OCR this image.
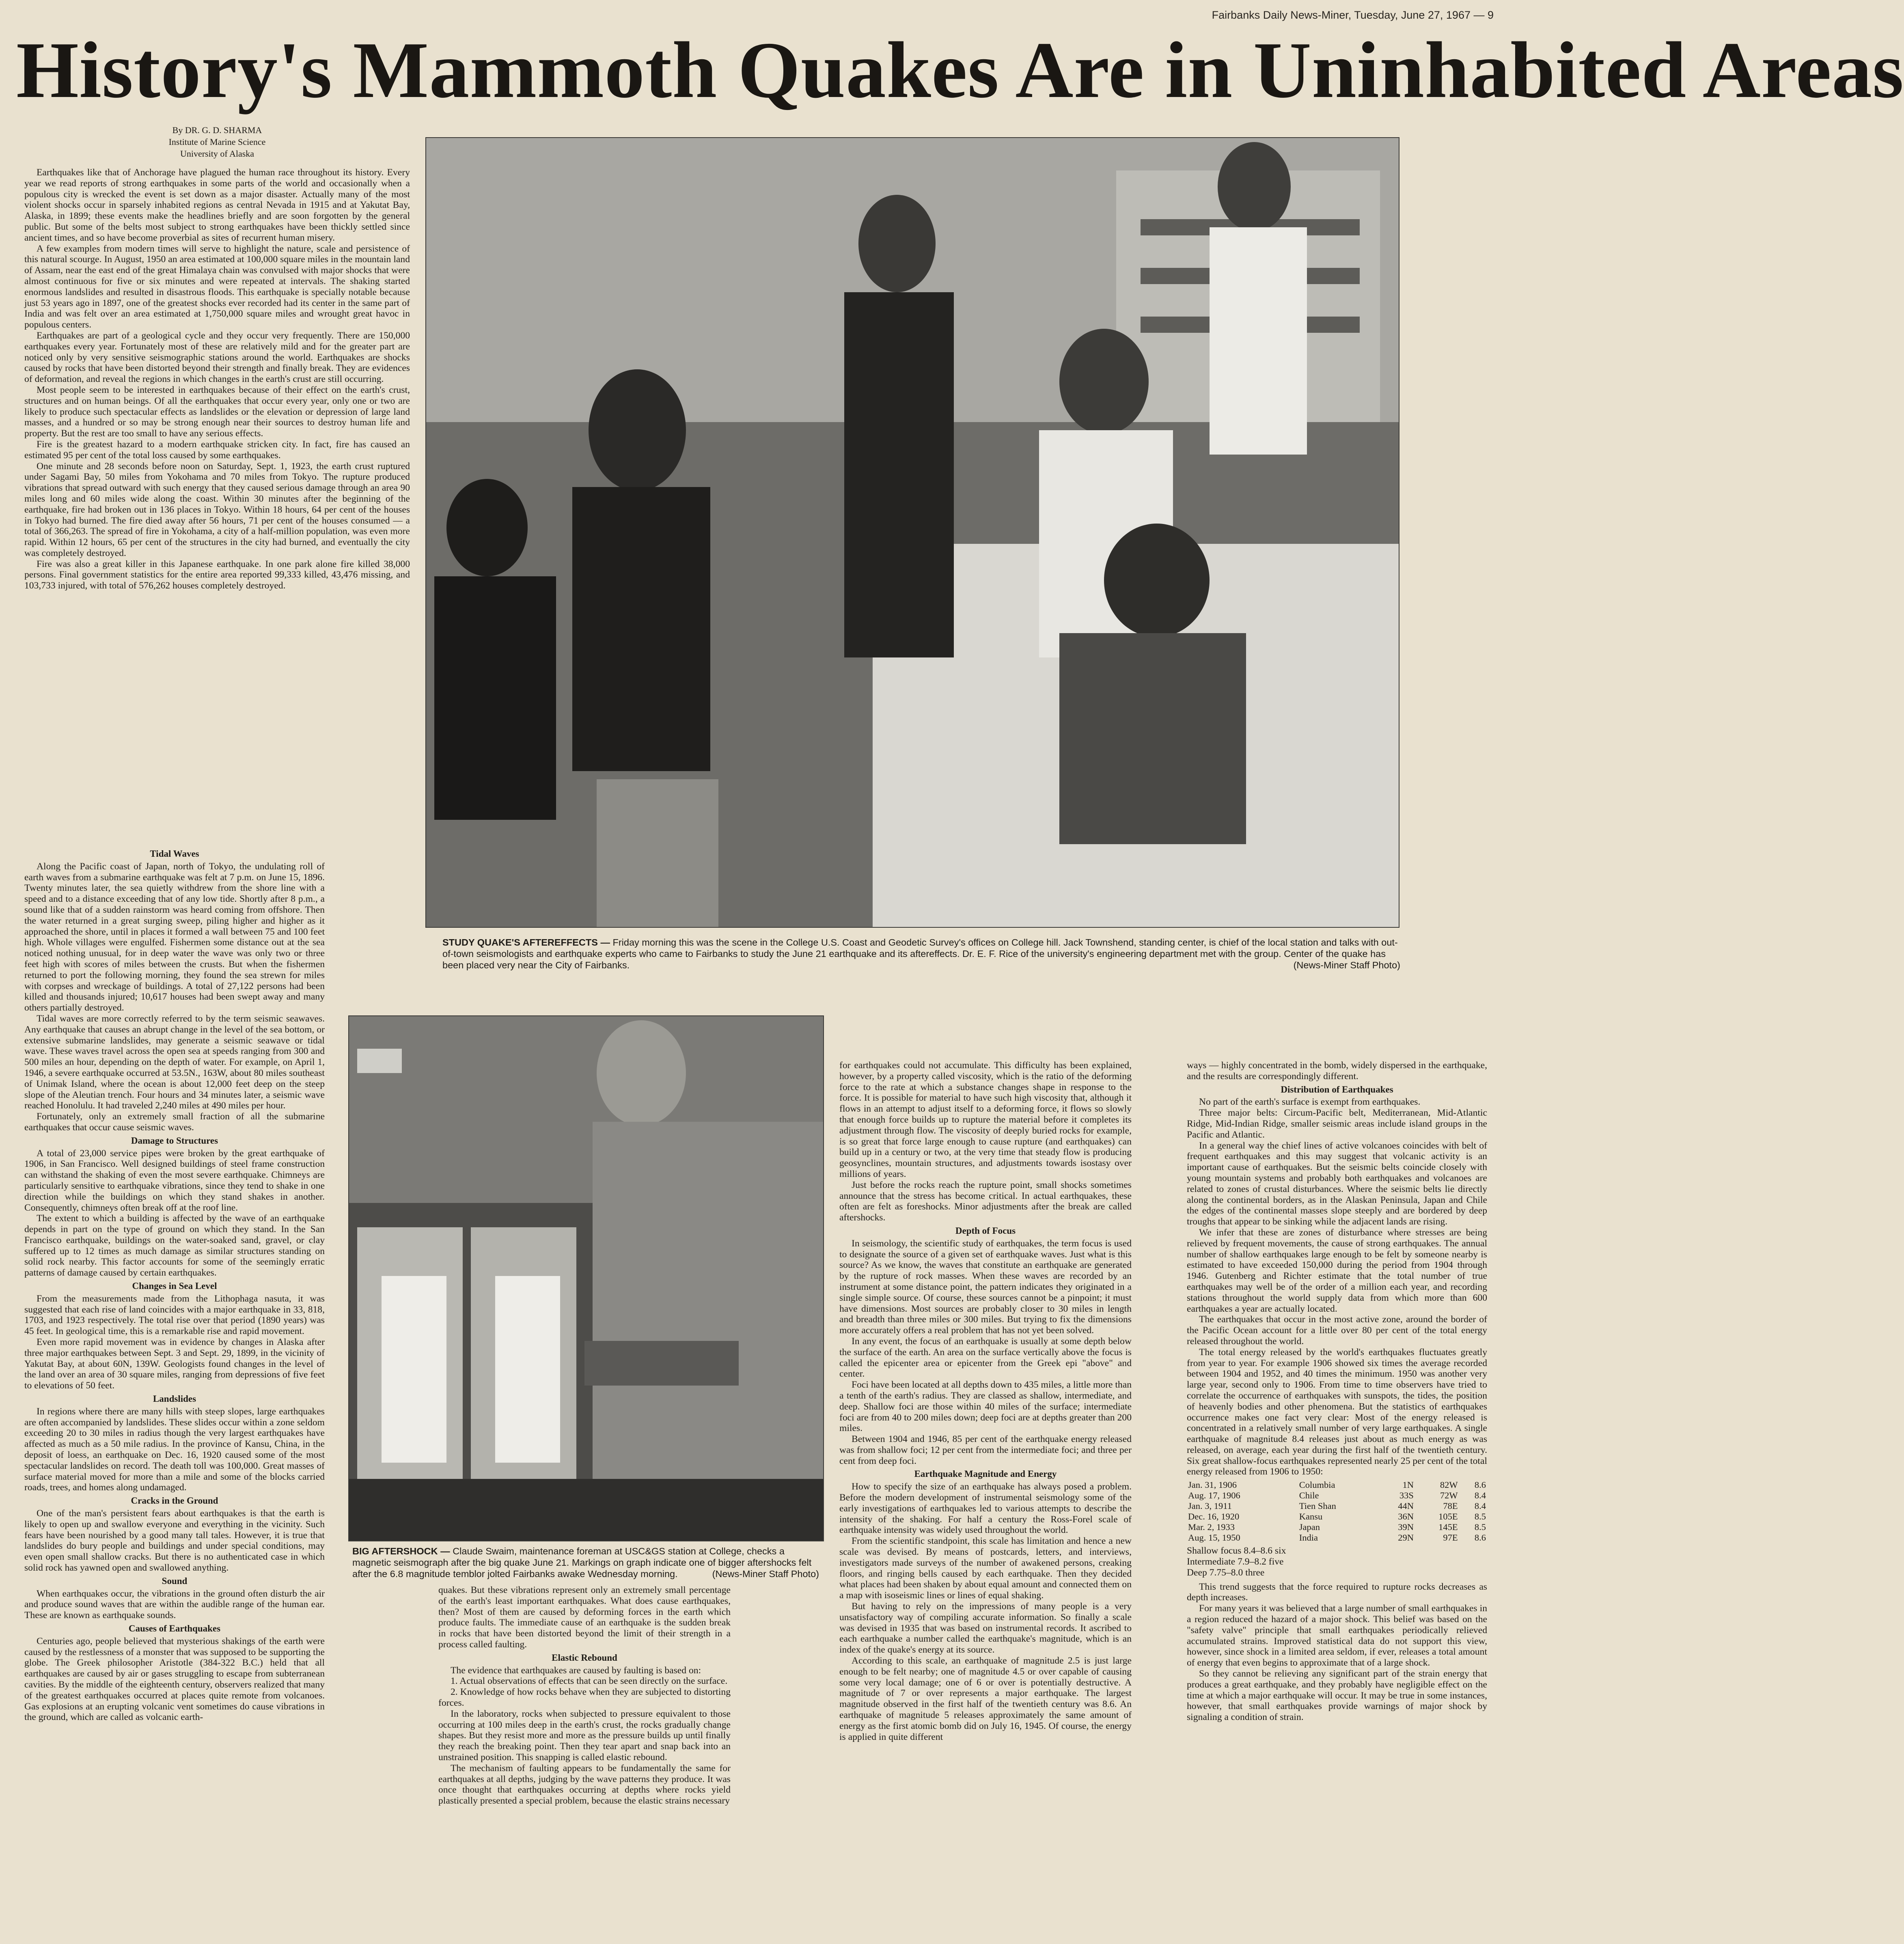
Fairbanks Daily News-Miner, Tuesday, June 27, 1967 — 9
History's Mammoth Quakes Are in Uninhabited Areas
By DR. G. D. SHARMA
Institute of Marine Science
University of Alaska

Earthquakes like that of Anchorage have plagued the human race throughout its history. Every year we read reports of strong earthquakes in some parts of the world and occasionally when a populous city is wrecked the event is set down as a major disaster. Actually many of the most violent shocks occur in sparsely inhabited regions as central Nevada in 1915 and at Yakutat Bay, Alaska, in 1899; these events make the headlines briefly and are soon forgotten by the general public. But some of the belts most subject to strong earthquakes have been thickly settled since ancient times, and so have become proverbial as sites of recurrent human misery.

A few examples from modern times will serve to highlight the nature, scale and persistence of this natural scourge. In August, 1950 an area estimated at 100,000 square miles in the mountain land of Assam, near the east end of the great Himalaya chain was convulsed with major shocks that were almost continuous for five or six minutes and were repeated at intervals. The shaking started enormous landslides and resulted in disastrous floods. This earthquake is specially notable because just 53 years ago in 1897, one of the greatest shocks ever recorded had its center in the same part of India and was felt over an area estimated at 1,750,000 square miles and wrought great havoc in populous centers.

Earthquakes are part of a geological cycle and they occur very frequently. There are 150,000 earthquakes every year. Fortunately most of these are relatively mild and for the greater part are noticed only by very sensitive seismographic stations around the world. Earthquakes are shocks caused by rocks that have been distorted beyond their strength and finally break. They are evidences of deformation, and reveal the regions in which changes in the earth's crust are still occurring.

Most people seem to be interested in earthquakes because of their effect on the earth's crust, structures and on human beings. Of all the earthquakes that occur every year, only one or two are likely to produce such spectacular effects as landslides or the elevation or depression of large land masses, and a hundred or so may be strong enough near their sources to destroy human life and property. But the rest are too small to have any serious effects.

Fire is the greatest hazard to a modern earthquake stricken city. In fact, fire has caused an estimated 95 per cent of the total loss caused by some earthquakes.

One minute and 28 seconds before noon on Saturday, Sept. 1, 1923, the earth crust ruptured under Sagami Bay, 50 miles from Yokohama and 70 miles from Tokyo. The rupture produced vibrations that spread outward with such energy that they caused serious damage through an area 90 miles long and 60 miles wide along the coast. Within 30 minutes after the beginning of the earthquake, fire had broken out in 136 places in Tokyo. Within 18 hours, 64 per cent of the houses in Tokyo had burned. The fire died away after 56 hours, 71 per cent of the houses consumed — a total of 366,263. The spread of fire in Yokohama, a city of a half-million population, was even more rapid. Within 12 hours, 65 per cent of the structures in the city had burned, and eventually the city was completely destroyed.

Fire was also a great killer in this Japanese earthquake. In one park alone fire killed 38,000 persons. Final government statistics for the entire area reported 99,333 killed, 43,476 missing, and 103,733 injured, with total of 576,262 houses completely destroyed.

Tidal Waves

Along the Pacific coast of Japan, north of Tokyo, the undulating roll of earth waves from a submarine earthquake was felt at 7 p.m. on June 15, 1896. Twenty minutes later, the sea quietly withdrew from the shore line with a speed and to a distance exceeding that of any low tide. Shortly after 8 p.m., a sound like that of a sudden rainstorm was heard coming from offshore. Then the water returned in a great surging sweep, piling higher and higher as it approached the shore, until in places it formed a wall between 75 and 100 feet high. Whole villages were engulfed. Fishermen some distance out at the sea noticed nothing unusual, for in deep water the wave was only two or three feet high with scores of miles between the crusts. But when the fishermen returned to port the following morning, they found the sea strewn for miles with corpses and wreckage of buildings. A total of 27,122 persons had been killed and thousands injured; 10,617 houses had been swept away and many others partially destroyed.

Tidal waves are more correctly referred to by the term seismic seawaves. Any earthquake that causes an abrupt change in the level of the sea bottom, or extensive submarine landslides, may generate a seismic seawave or tidal wave. These waves travel across the open sea at speeds ranging from 300 and 500 miles an hour, depending on the depth of water. For example, on April 1, 1946, a severe earthquake occurred at 53.5N., 163W, about 80 miles southeast of Unimak Island, where the ocean is about 12,000 feet deep on the steep slope of the Aleutian trench. Four hours and 34 minutes later, a seismic wave reached Honolulu. It had traveled 2,240 miles at 490 miles per hour.

Fortunately, only an extremely small fraction of all the submarine earthquakes that occur cause seismic waves.

Damage to Structures

A total of 23,000 service pipes were broken by the great earthquake of 1906, in San Francisco. Well designed buildings of steel frame construction can withstand the shaking of even the most severe earthquake. Chimneys are particularly sensitive to earthquake vibrations, since they tend to shake in one direction while the buildings on which they stand shakes in another. Consequently, chimneys often break off at the roof line.

The extent to which a building is affected by the wave of an earthquake depends in part on the type of ground on which they stand. In the San Francisco earthquake, buildings on the water-soaked sand, gravel, or clay suffered up to 12 times as much damage as similar structures standing on solid rock nearby. This factor accounts for some of the seemingly erratic patterns of damage caused by certain earthquakes.

Changes in Sea Level

From the measurements made from the Lithophaga nasuta, it was suggested that each rise of land coincides with a major earthquake in 33, 818, 1703, and 1923 respectively. The total rise over that period (1890 years) was 45 feet. In geological time, this is a remarkable rise and rapid movement.

Even more rapid movement was in evidence by changes in Alaska after three major earthquakes between Sept. 3 and Sept. 29, 1899, in the vicinity of Yakutat Bay, at about 60N, 139W. Geologists found changes in the level of the land over an area of 30 square miles, ranging from depressions of five feet to elevations of 50 feet.

Landslides

In regions where there are many hills with steep slopes, large earthquakes are often accompanied by landslides. These slides occur within a zone seldom exceeding 20 to 30 miles in radius though the very largest earthquakes have affected as much as a 50 mile radius. In the province of Kansu, China, in the deposit of loess, an earthquake on Dec. 16, 1920 caused some of the most spectacular landslides on record. The death toll was 100,000. Great masses of surface material moved for more than a mile and some of the blocks carried roads, trees, and homes along undamaged.

Cracks in the Ground

One of the man's persistent fears about earthquakes is that the earth is likely to open up and swallow everyone and everything in the vicinity. Such fears have been nourished by a good many tall tales. However, it is true that landslides do bury people and buildings and under special conditions, may even open small shallow cracks. But there is no authenticated case in which solid rock has yawned open and swallowed anything.

Sound

When earthquakes occur, the vibrations in the ground often disturb the air and produce sound waves that are within the audible range of the human ear. These are known as earthquake sounds.

Causes of Earthquakes

Centuries ago, people believed that mysterious shakings of the earth were caused by the restlessness of a monster that was supposed to be supporting the globe. The Greek philosopher Aristotle (384-322 B.C.) held that all earthquakes are caused by air or gases struggling to escape from subterranean cavities. By the middle of the eighteenth century, observers realized that many of the greatest earthquakes occurred at places quite remote from volcanoes. Gas explosions at an erupting volcanic vent sometimes do cause vibrations in the ground, which are called as volcanic earth-

STUDY QUAKE'S AFTEREFFECTS — Friday morning this was the scene in the College U.S. Coast and Geodetic Survey's offices on College hill. Jack Townshend, standing center, is chief of the local station and talks with out-of-town seismologists and earthquake experts who came to Fairbanks to study the June 21 earthquake and its aftereffects. Dr. E. F. Rice of the university's engineering department met with the group. Center of the quake has been placed very near the City of Fairbanks.	(News-Miner Staff Photo)
BIG AFTERSHOCK — Claude Swaim, maintenance foreman at USC&GS station at College, checks a magnetic seismograph after the big quake June 21. Markings on graph indicate one of bigger aftershocks felt after the 6.8 magnitude temblor jolted Fairbanks awake Wednesday morning.	(News-Miner Staff Photo)

quakes. But these vibrations represent only an extremely small percentage of the earth's least important earthquakes. What does cause earthquakes, then? Most of them are caused by deforming forces in the earth which produce faults. The immediate cause of an earthquake is the sudden break in rocks that have been distorted beyond the limit of their strength in a process called faulting.

Elastic Rebound

The evidence that earthquakes are caused by faulting is based on:

1. Actual observations of effects that can be seen directly on the surface.

2. Knowledge of how rocks behave when they are subjected to distorting forces.

In the laboratory, rocks when subjected to pressure equivalent to those occurring at 100 miles deep in the earth's crust, the rocks gradually change shapes. But they resist more and more as the pressure builds up until finally they reach the breaking point. Then they tear apart and snap back into an unstrained position. This snapping is called elastic rebound.

The mechanism of faulting appears to be fundamentally the same for earthquakes at all depths, judging by the wave patterns they produce. It was once thought that earthquakes occurring at depths where rocks yield plastically presented a special problem, because the elastic strains necessary

for earthquakes could not accumulate. This difficulty has been explained, however, by a property called viscosity, which is the ratio of the deforming force to the rate at which a substance changes shape in response to the force. It is possible for material to have such high viscosity that, although it flows in an attempt to adjust itself to a deforming force, it flows so slowly that enough force builds up to rupture the material before it completes its adjustment through flow. The viscosity of deeply buried rocks for example, is so great that force large enough to cause rupture (and earthquakes) can build up in a century or two, at the very time that steady flow is producing geosynclines, mountain structures, and adjustments towards isostasy over millions of years.

Just before the rocks reach the rupture point, small shocks sometimes announce that the stress has become critical. In actual earthquakes, these often are felt as foreshocks. Minor adjustments after the break are called aftershocks.

Depth of Focus

In seismology, the scientific study of earthquakes, the term focus is used to designate the source of a given set of earthquake waves. Just what is this source? As we know, the waves that constitute an earthquake are generated by the rupture of rock masses. When these waves are recorded by an instrument at some distance point, the pattern indicates they originated in a single simple source. Of course, these sources cannot be a pinpoint; it must have dimensions. Most sources are probably closer to 30 miles in length and breadth than three miles or 300 miles. But trying to fix the dimensions more accurately offers a real problem that has not yet been solved.

In any event, the focus of an earthquake is usually at some depth below the surface of the earth. An area on the surface vertically above the focus is called the epicenter area or epicenter from the Greek epi "above" and center.

Foci have been located at all depths down to 435 miles, a little more than a tenth of the earth's radius. They are classed as shallow, intermediate, and deep. Shallow foci are those within 40 miles of the surface; intermediate foci are from 40 to 200 miles down; deep foci are at depths greater than 200 miles.

Between 1904 and 1946, 85 per cent of the earthquake energy released was from shallow foci; 12 per cent from the intermediate foci; and three per cent from deep foci.

Earthquake Magnitude and Energy

How to specify the size of an earthquake has always posed a problem. Before the modern development of instrumental seismology some of the early investigations of earthquakes led to various attempts to describe the intensity of the shaking. For half a century the Ross-Forel scale of earthquake intensity was widely used throughout the world.

From the scientific standpoint, this scale has limitation and hence a new scale was devised. By means of postcards, letters, and interviews, investigators made surveys of the number of awakened persons, creaking floors, and ringing bells caused by each earthquake. Then they decided what places had been shaken by about equal amount and connected them on a map with isoseismic lines or lines of equal shaking.

But having to rely on the impressions of many people is a very unsatisfactory way of compiling accurate information. So finally a scale was devised in 1935 that was based on instrumental records. It ascribed to each earthquake a number called the earthquake's magnitude, which is an index of the quake's energy at its source.

According to this scale, an earthquake of magnitude 2.5 is just large enough to be felt nearby; one of magnitude 4.5 or over capable of causing some very local damage; one of 6 or over is potentially destructive. A magnitude of 7 or over represents a major earthquake. The largest magnitude observed in the first half of the twentieth century was 8.6. An earthquake of magnitude 5 releases approximately the same amount of energy as the first atomic bomb did on July 16, 1945. Of course, the energy is applied in quite different

ways — highly concentrated in the bomb, widely dispersed in the earthquake, and the results are correspondingly different.

Distribution of Earthquakes

No part of the earth's surface is exempt from earthquakes.

Three major belts: Circum-Pacific belt, Mediterranean, Mid-Atlantic Ridge, Mid-Indian Ridge, smaller seismic areas include island groups in the Pacific and Atlantic.

In a general way the chief lines of active volcanoes coincides with belt of frequent earthquakes and this may suggest that volcanic activity is an important cause of earthquakes. But the seismic belts coincide closely with young mountain systems and probably both earthquakes and volcanoes are related to zones of crustal disturbances. Where the seismic belts lie directly along the continental borders, as in the Alaskan Peninsula, Japan and Chile the edges of the continental masses slope steeply and are bordered by deep troughs that appear to be sinking while the adjacent lands are rising.

We infer that these are zones of disturbance where stresses are being relieved by frequent movements, the cause of strong earthquakes. The annual number of shallow earthquakes large enough to be felt by someone nearby is estimated to have exceeded 150,000 during the period from 1904 through 1946. Gutenberg and Richter estimate that the total number of true earthquakes may well be of the order of a million each year, and recording stations throughout the world supply data from which more than 600 earthquakes a year are actually located.

The earthquakes that occur in the most active zone, around the border of the Pacific Ocean account for a little over 80 per cent of the total energy released throughout the world.

The total energy released by the world's earthquakes fluctuates greatly from year to year. For example 1906 showed six times the average recorded between 1904 and 1952, and 40 times the minimum. 1950 was another very large year, second only to 1906. From time to time observers have tried to correlate the occurrence of earthquakes with sunspots, the tides, the position of heavenly bodies and other phenomena. But the statistics of earthquakes occurrence makes one fact very clear: Most of the energy released is concentrated in a relatively small number of very large earthquakes. A single earthquake of magnitude 8.4 releases just about as much energy as was released, on average, each year during the first half of the twentieth century. Six great shallow-focus earthquakes represented nearly 25 per cent of the total energy released from 1906 to 1950:

Jan. 31, 1906	Columbia	1N	82W	8.6
Aug. 17, 1906	Chile	33S	72W	8.4
Jan. 3, 1911	Tien Shan	44N	78E	8.4
Dec. 16, 1920	Kansu	36N	105E	8.5
Mar. 2, 1933	Japan	39N	145E	8.5
Aug. 15, 1950	India	29N	97E	8.6
Shallow focus 8.4–8.6 six
Intermediate 7.9–8.2 five
Deep 7.75–8.0 three

This trend suggests that the force required to rupture rocks decreases as depth increases.

For many years it was believed that a large number of small earthquakes in a region reduced the hazard of a major shock. This belief was based on the "safety valve" principle that small earthquakes periodically relieved accumulated strains. Improved statistical data do not support this view, however, since shock in a limited area seldom, if ever, releases a total amount of energy that even begins to approximate that of a large shock.

So they cannot be relieving any significant part of the strain energy that produces a great earthquake, and they probably have negligible effect on the time at which a major earthquake will occur. It may be true in some instances, however, that small earthquakes provide warnings of major shock by signaling a condition of strain.
